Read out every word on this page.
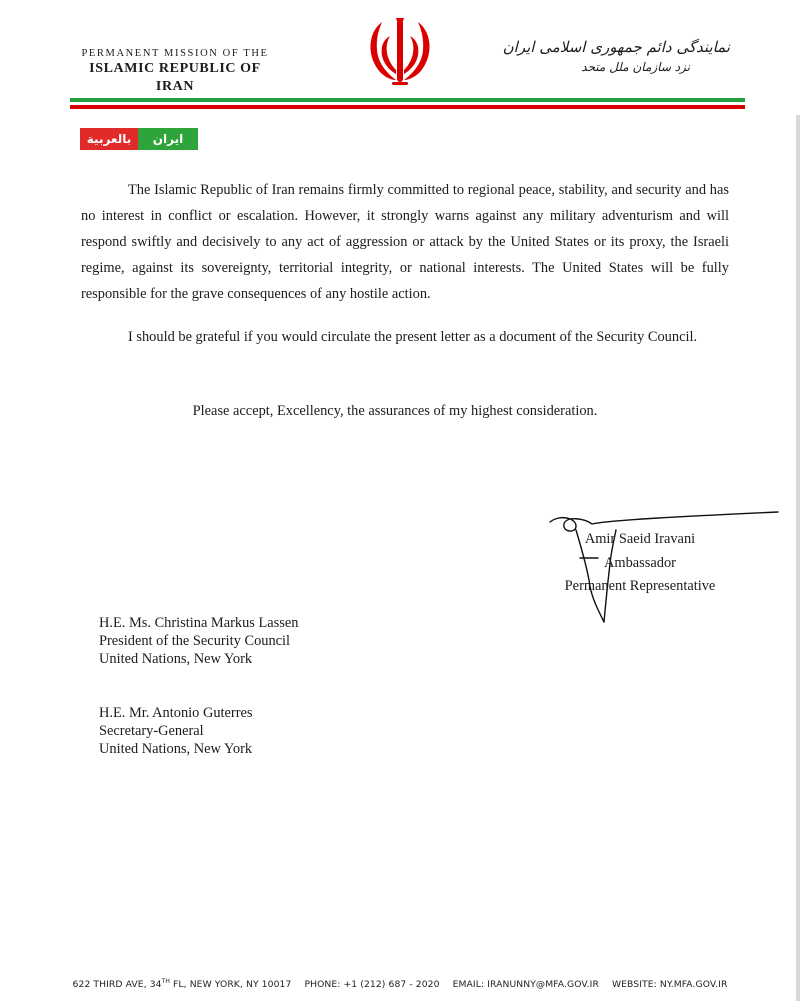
PERMANENT MISSION OF THE
ISLAMIC REPUBLIC OF IRAN
نمایندگی دائم جمهوری اسلامی ایران
نزد سازمان ملل متحد
ایران
بالعربیة

The Islamic Republic of Iran remains firmly committed to regional peace, stability, and security and has no interest in conflict or escalation. However, it strongly warns against any military adventurism and will respond swiftly and decisively to any act of aggression or attack by the United States or its proxy, the Israeli regime, against its sovereignty, territorial integrity, or national interests. The United States will be fully responsible for the grave consequences of any hostile action.

I should be grateful if you would circulate the present letter as a document of the Security Council.

Please accept, Excellency, the assurances of my highest consideration.
Amir Saeid Iravani
Ambassador
Permanent Representative
H.E. Ms. Christina Markus Lassen
President of the Security Council
United Nations, New York
H.E. Mr. Antonio Guterres
Secretary-General
United Nations, New York
622 THIRD AVE, 34TH FL, NEW YORK, NY 10017 PHONE: +1 (212) 687 - 2020 EMAIL: IRANUNNY@MFA.GOV.IR WEBSITE: NY.MFA.GOV.IR
